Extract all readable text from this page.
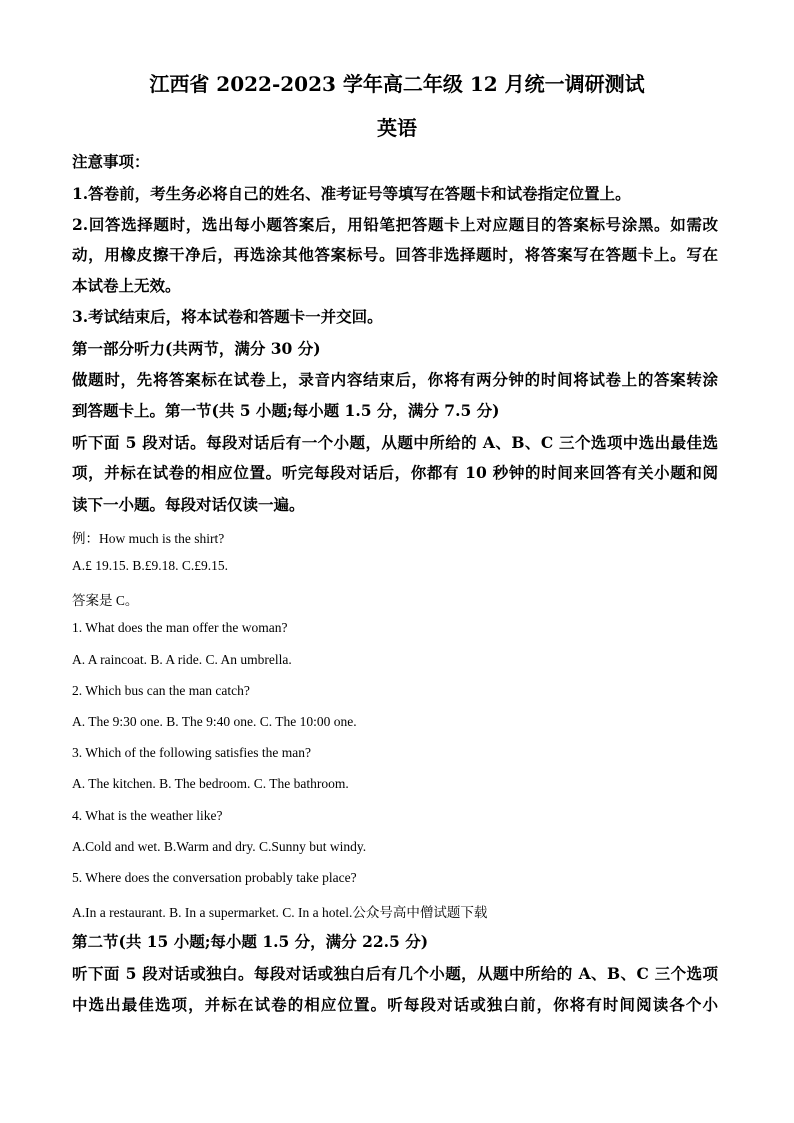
江西省 2022-2023 学年高二年级 12 月统一调研测试
英语
注意事项：
1.答卷前，考生务必将自己的姓名、准考证号等填写在答题卡和试卷指定位置上。
2.回答选择题时，选出每小题答案后，用铅笔把答题卡上对应题目的答案标号涂黑。如需改
动，用橡皮擦干净后，再选涂其他答案标号。回答非选择题时，将答案写在答题卡上。写在
本试卷上无效。
3.考试结束后，将本试卷和答题卡一并交回。
第一部分听力(共两节，满分 30 分)
做题时，先将答案标在试卷上，录音内容结束后，你将有两分钟的时间将试卷上的答案转涂
到答题卡上。第一节(共 5 小题;每小题 1.5 分，满分 7.5 分)
听下面 5 段对话。每段对话后有一个小题，从题中所给的 A、B、C 三个选项中选出最佳选
项，并标在试卷的相应位置。听完每段对话后，你都有 10 秒钟的时间来回答有关小题和阅
读下一小题。每段对话仅读一遍。
例：How much is the shirt?
A.£ 19.15. B.£9.18. C.£9.15.
答案是 C。
1. What does the man offer the woman?
A. A raincoat. B. A ride. C. An umbrella.
2. Which bus can the man catch?
A. The 9:30 one. B. The 9:40 one. C. The 10:00 one.
3. Which of the following satisfies the man?
A. The kitchen. B. The bedroom. C. The bathroom.
4. What is the weather like?
A.Cold and wet. B.Warm and dry. C.Sunny but windy.
5. Where does the conversation probably take place?
A.In a restaurant. B. In a supermarket. C. In a hotel.公众号高中僧试题下载
第二节(共 15 小题;每小题 1.5 分，满分 22.5 分)
听下面 5 段对话或独白。每段对话或独白后有几个小题，从题中所给的 A、B、C 三个选项
中选出最佳选项，并标在试卷的相应位置。听每段对话或独白前，你将有时间阅读各个小
